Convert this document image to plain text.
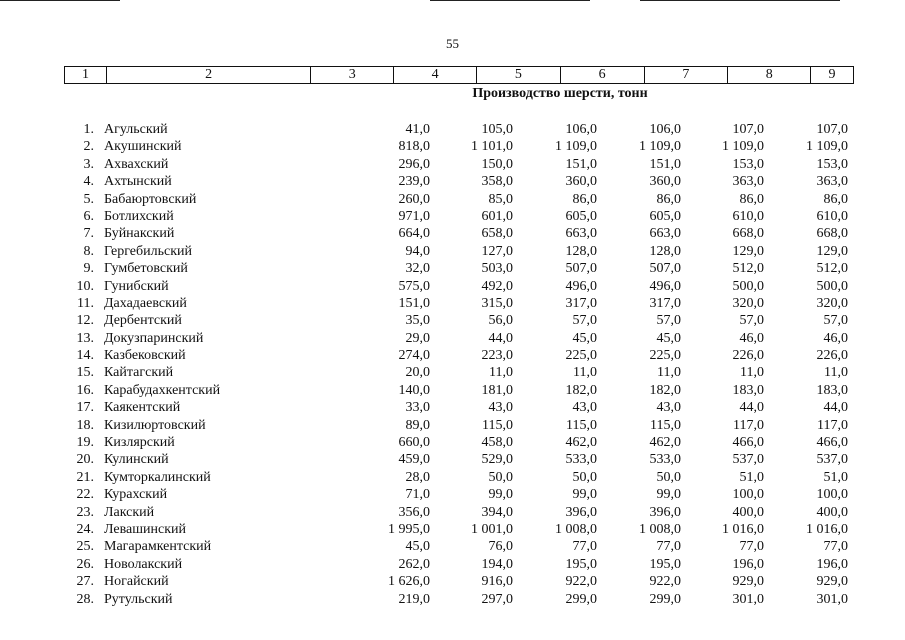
55
1	2	3	4	5	6	7	8	9
Производство шерсти, тонн
1. Агульский	41,0	105,0	106,0	106,0	107,0	107,0
2. Акушинский	818,0	1 101,0	1 109,0	1 109,0	1 109,0	1 109,0
3. Ахвахский	296,0	150,0	151,0	151,0	153,0	153,0
4. Ахтынский	239,0	358,0	360,0	360,0	363,0	363,0
5. Бабаюртовский	260,0	85,0	86,0	86,0	86,0	86,0
6. Ботлихский	971,0	601,0	605,0	605,0	610,0	610,0
7. Буйнакский	664,0	658,0	663,0	663,0	668,0	668,0
8. Гергебильский	94,0	127,0	128,0	128,0	129,0	129,0
9. Гумбетовский	32,0	503,0	507,0	507,0	512,0	512,0
10. Гунибский	575,0	492,0	496,0	496,0	500,0	500,0
11. Дахадаевский	151,0	315,0	317,0	317,0	320,0	320,0
12. Дербентский	35,0	56,0	57,0	57,0	57,0	57,0
13. Докузпаринский	29,0	44,0	45,0	45,0	46,0	46,0
14. Казбековский	274,0	223,0	225,0	225,0	226,0	226,0
15. Кайтагский	20,0	11,0	11,0	11,0	11,0	11,0
16. Карабудахкентский	140,0	181,0	182,0	182,0	183,0	183,0
17. Каякентский	33,0	43,0	43,0	43,0	44,0	44,0
18. Кизилюртовский	89,0	115,0	115,0	115,0	117,0	117,0
19. Кизлярский	660,0	458,0	462,0	462,0	466,0	466,0
20. Кулинский	459,0	529,0	533,0	533,0	537,0	537,0
21. Кумторкалинский	28,0	50,0	50,0	50,0	51,0	51,0
22. Курахский	71,0	99,0	99,0	99,0	100,0	100,0
23. Лакский	356,0	394,0	396,0	396,0	400,0	400,0
24. Левашинский	1 995,0	1 001,0	1 008,0	1 008,0	1 016,0	1 016,0
25. Магарамкентский	45,0	76,0	77,0	77,0	77,0	77,0
26. Новолакский	262,0	194,0	195,0	195,0	196,0	196,0
27. Ногайский	1 626,0	916,0	922,0	922,0	929,0	929,0
28. Рутульский	219,0	297,0	299,0	299,0	301,0	301,0
